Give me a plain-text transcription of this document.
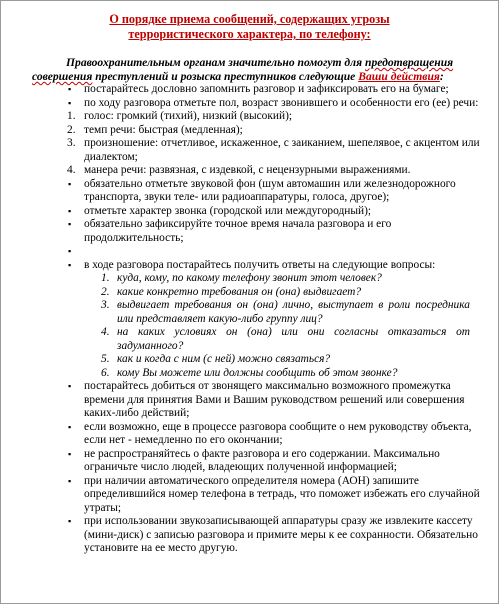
О порядке приема сообщений, содержащих угрозы
террористического характера, по телефону:
Правоохранительным органам значительно помогут для предотвращения совершения преступлений и розыска преступников следующие Ваши действия:
▪ постарайтесь дословно запомнить разговор и зафиксировать его на бумаге;
▪ по ходу разговора отметьте пол, возраст звонившего и особенности его (ее) речи:
1. голос: громкий (тихий), низкий (высокий);
2. темп речи: быстрая (медленная);
3. произношение: отчетливое, искаженное, с заиканием, шепелявое, с акцентом или диалектом;
4. манера речи: развязная, с издевкой, с нецензурными выражениями.
▪ обязательно отметьте звуковой фон (шум автомашин или железнодорожного транспорта, звуки теле- или радиоаппаратуры, голоса, другое);
▪ отметьте характер звонка (городской или междугородный);
▪ обязательно зафиксируйте точное время начала разговора и его продолжительность;
▪
▪ в ходе разговора постарайтесь получить ответы на следующие вопросы:
1. куда, кому, по какому телефону звонит этот человек?
2. какие конкретно требования он (она) выдвигает?
3. выдвигает требования он (она) лично, выступает в роли посредника или представляет какую-либо группу лиц?
4. на каких условиях он (она) или они согласны отказаться от задуманного?
5. как и когда с ним (с ней) можно связаться?
6. кому Вы можете или должны сообщить об этом звонке?
▪ постарайтесь добиться от звонящего максимально возможного промежутка времени для принятия Вами и Вашим руководством решений или совершения каких-либо действий;
▪ если возможно, еще в процессе разговора сообщите о нем руководству объекта, если нет - немедленно по его окончании;
▪ не распространяйтесь о факте разговора и его содержании. Максимально ограничьте число людей, владеющих полученной информацией;
▪ при наличии автоматического определителя номера (АОН) запишите определившийся номер телефона в тетрадь, что поможет избежать его случайной утраты;
▪ при использовании звукозаписывающей аппаратуры сразу же извлеките кассету (мини-диск) с записью разговора и примите меры к ее сохранности. Обязательно установите на ее место другую.
